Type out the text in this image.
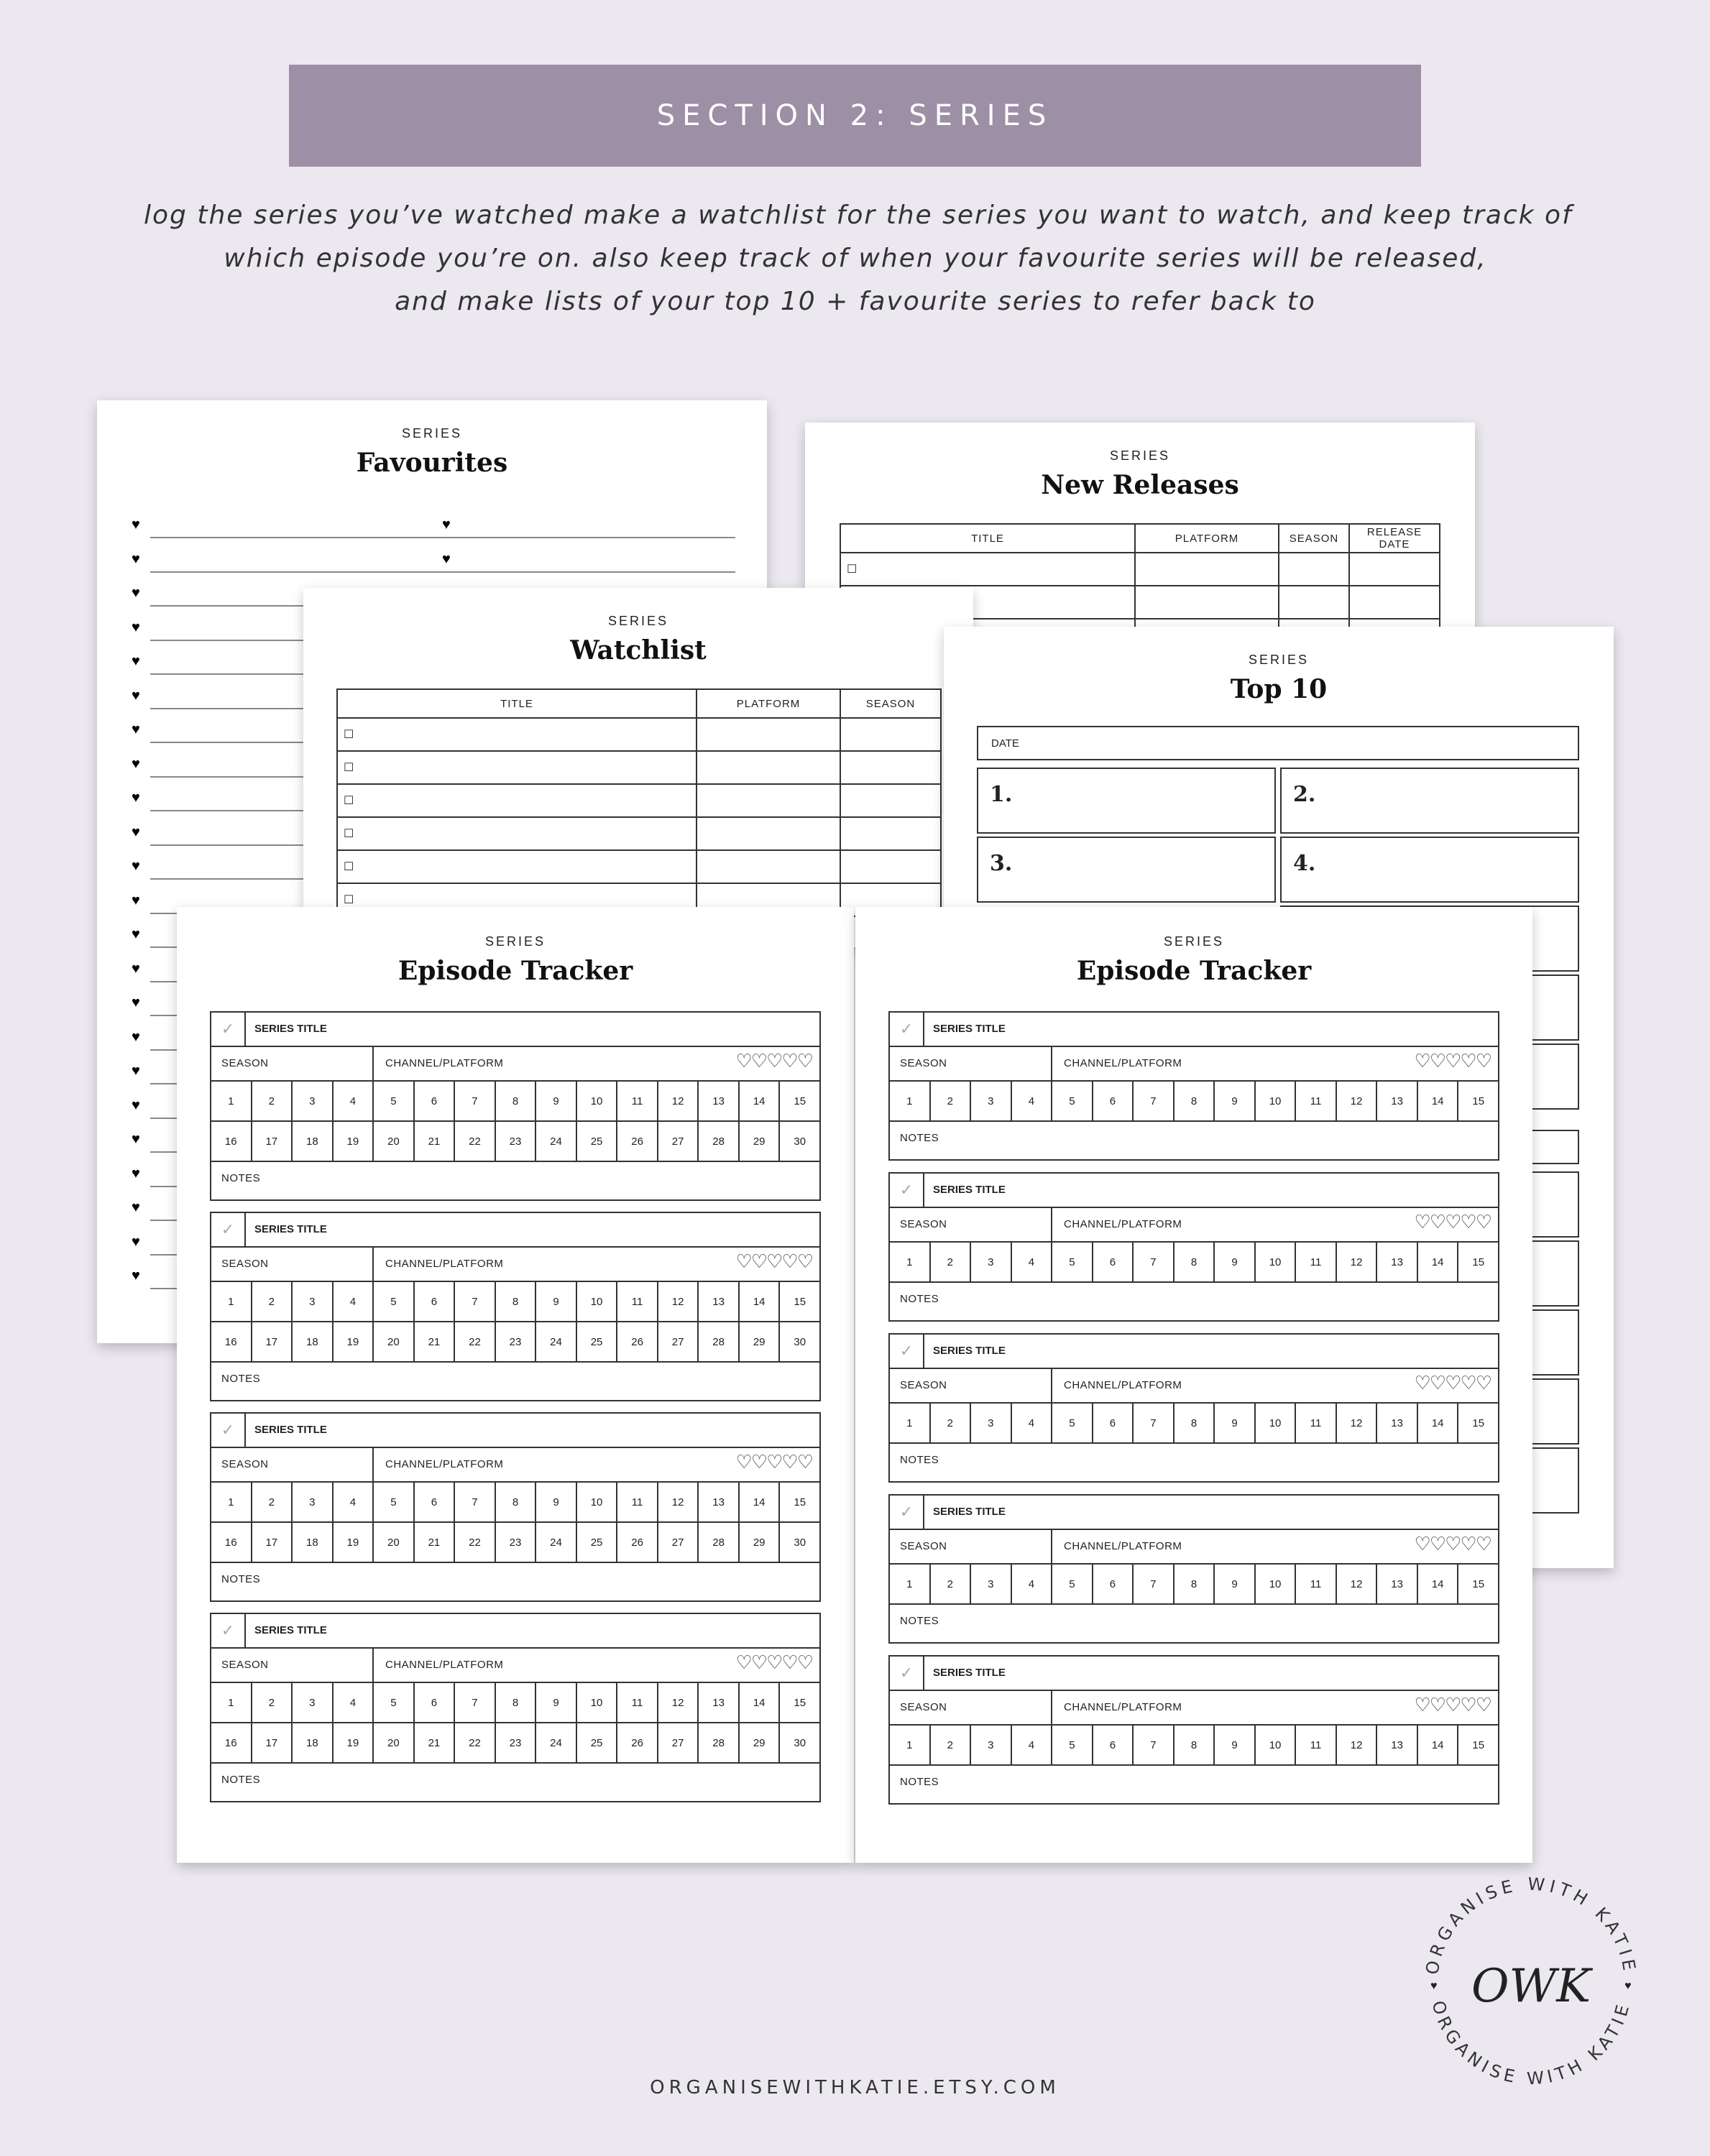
SECTION 2: SERIES
log the series you’ve watched make a watchlist for the series you want to watch, and keep track of
which episode you’re on. also keep track of when your favourite series will be released,
and make lists of your top 10 + favourite series to refer back to
SERIES
Favourites
♥
♥
♥
♥
♥
♥
♥
♥
♥
♥
♥
♥
♥
♥
♥
♥
♥
♥
♥
♥
♥
♥
♥
♥
♥
SERIES
New Releases
TITLE	PLATFORM	SEASON	RELEASE DATE
☐			

SERIES
Watchlist
TITLE	PLATFORM	SEASON
☐		
☐		
☐		
☐		
☐		
☐		
SERIES
Top 10
DATE
1.	2.
3.	4.
SERIES
Episode Tracker
✓	SERIES TITLE
SEASON	CHANNEL/PLATFORM	♡♡♡♡♡
1	2	3	4	5	6	7	8	9	10	11	12	13	14	15
16	17	18	19	20	21	22	23	24	25	26	27	28	29	30
NOTES
✓	SERIES TITLE
SEASON	CHANNEL/PLATFORM	♡♡♡♡♡
1	2	3	4	5	6	7	8	9	10	11	12	13	14	15
16	17	18	19	20	21	22	23	24	25	26	27	28	29	30
NOTES
✓	SERIES TITLE
SEASON	CHANNEL/PLATFORM	♡♡♡♡♡
1	2	3	4	5	6	7	8	9	10	11	12	13	14	15
16	17	18	19	20	21	22	23	24	25	26	27	28	29	30
NOTES
✓	SERIES TITLE
SEASON	CHANNEL/PLATFORM	♡♡♡♡♡
1	2	3	4	5	6	7	8	9	10	11	12	13	14	15
16	17	18	19	20	21	22	23	24	25	26	27	28	29	30
NOTES
SERIES
Episode Tracker
✓	SERIES TITLE
SEASON	CHANNEL/PLATFORM	♡♡♡♡♡
1	2	3	4	5	6	7	8	9	10	11	12	13	14	15
NOTES
✓	SERIES TITLE
SEASON	CHANNEL/PLATFORM	♡♡♡♡♡
1	2	3	4	5	6	7	8	9	10	11	12	13	14	15
NOTES
✓	SERIES TITLE
SEASON	CHANNEL/PLATFORM	♡♡♡♡♡
1	2	3	4	5	6	7	8	9	10	11	12	13	14	15
NOTES
✓	SERIES TITLE
SEASON	CHANNEL/PLATFORM	♡♡♡♡♡
1	2	3	4	5	6	7	8	9	10	11	12	13	14	15
NOTES
✓	SERIES TITLE
SEASON	CHANNEL/PLATFORM	♡♡♡♡♡
1	2	3	4	5	6	7	8	9	10	11	12	13	14	15
NOTES
ORGANISEWITHKATIE.ETSY.COM
ORGANISE WITH KATIE
ORGANISE WITH KATIE
OWK
♥	♥
